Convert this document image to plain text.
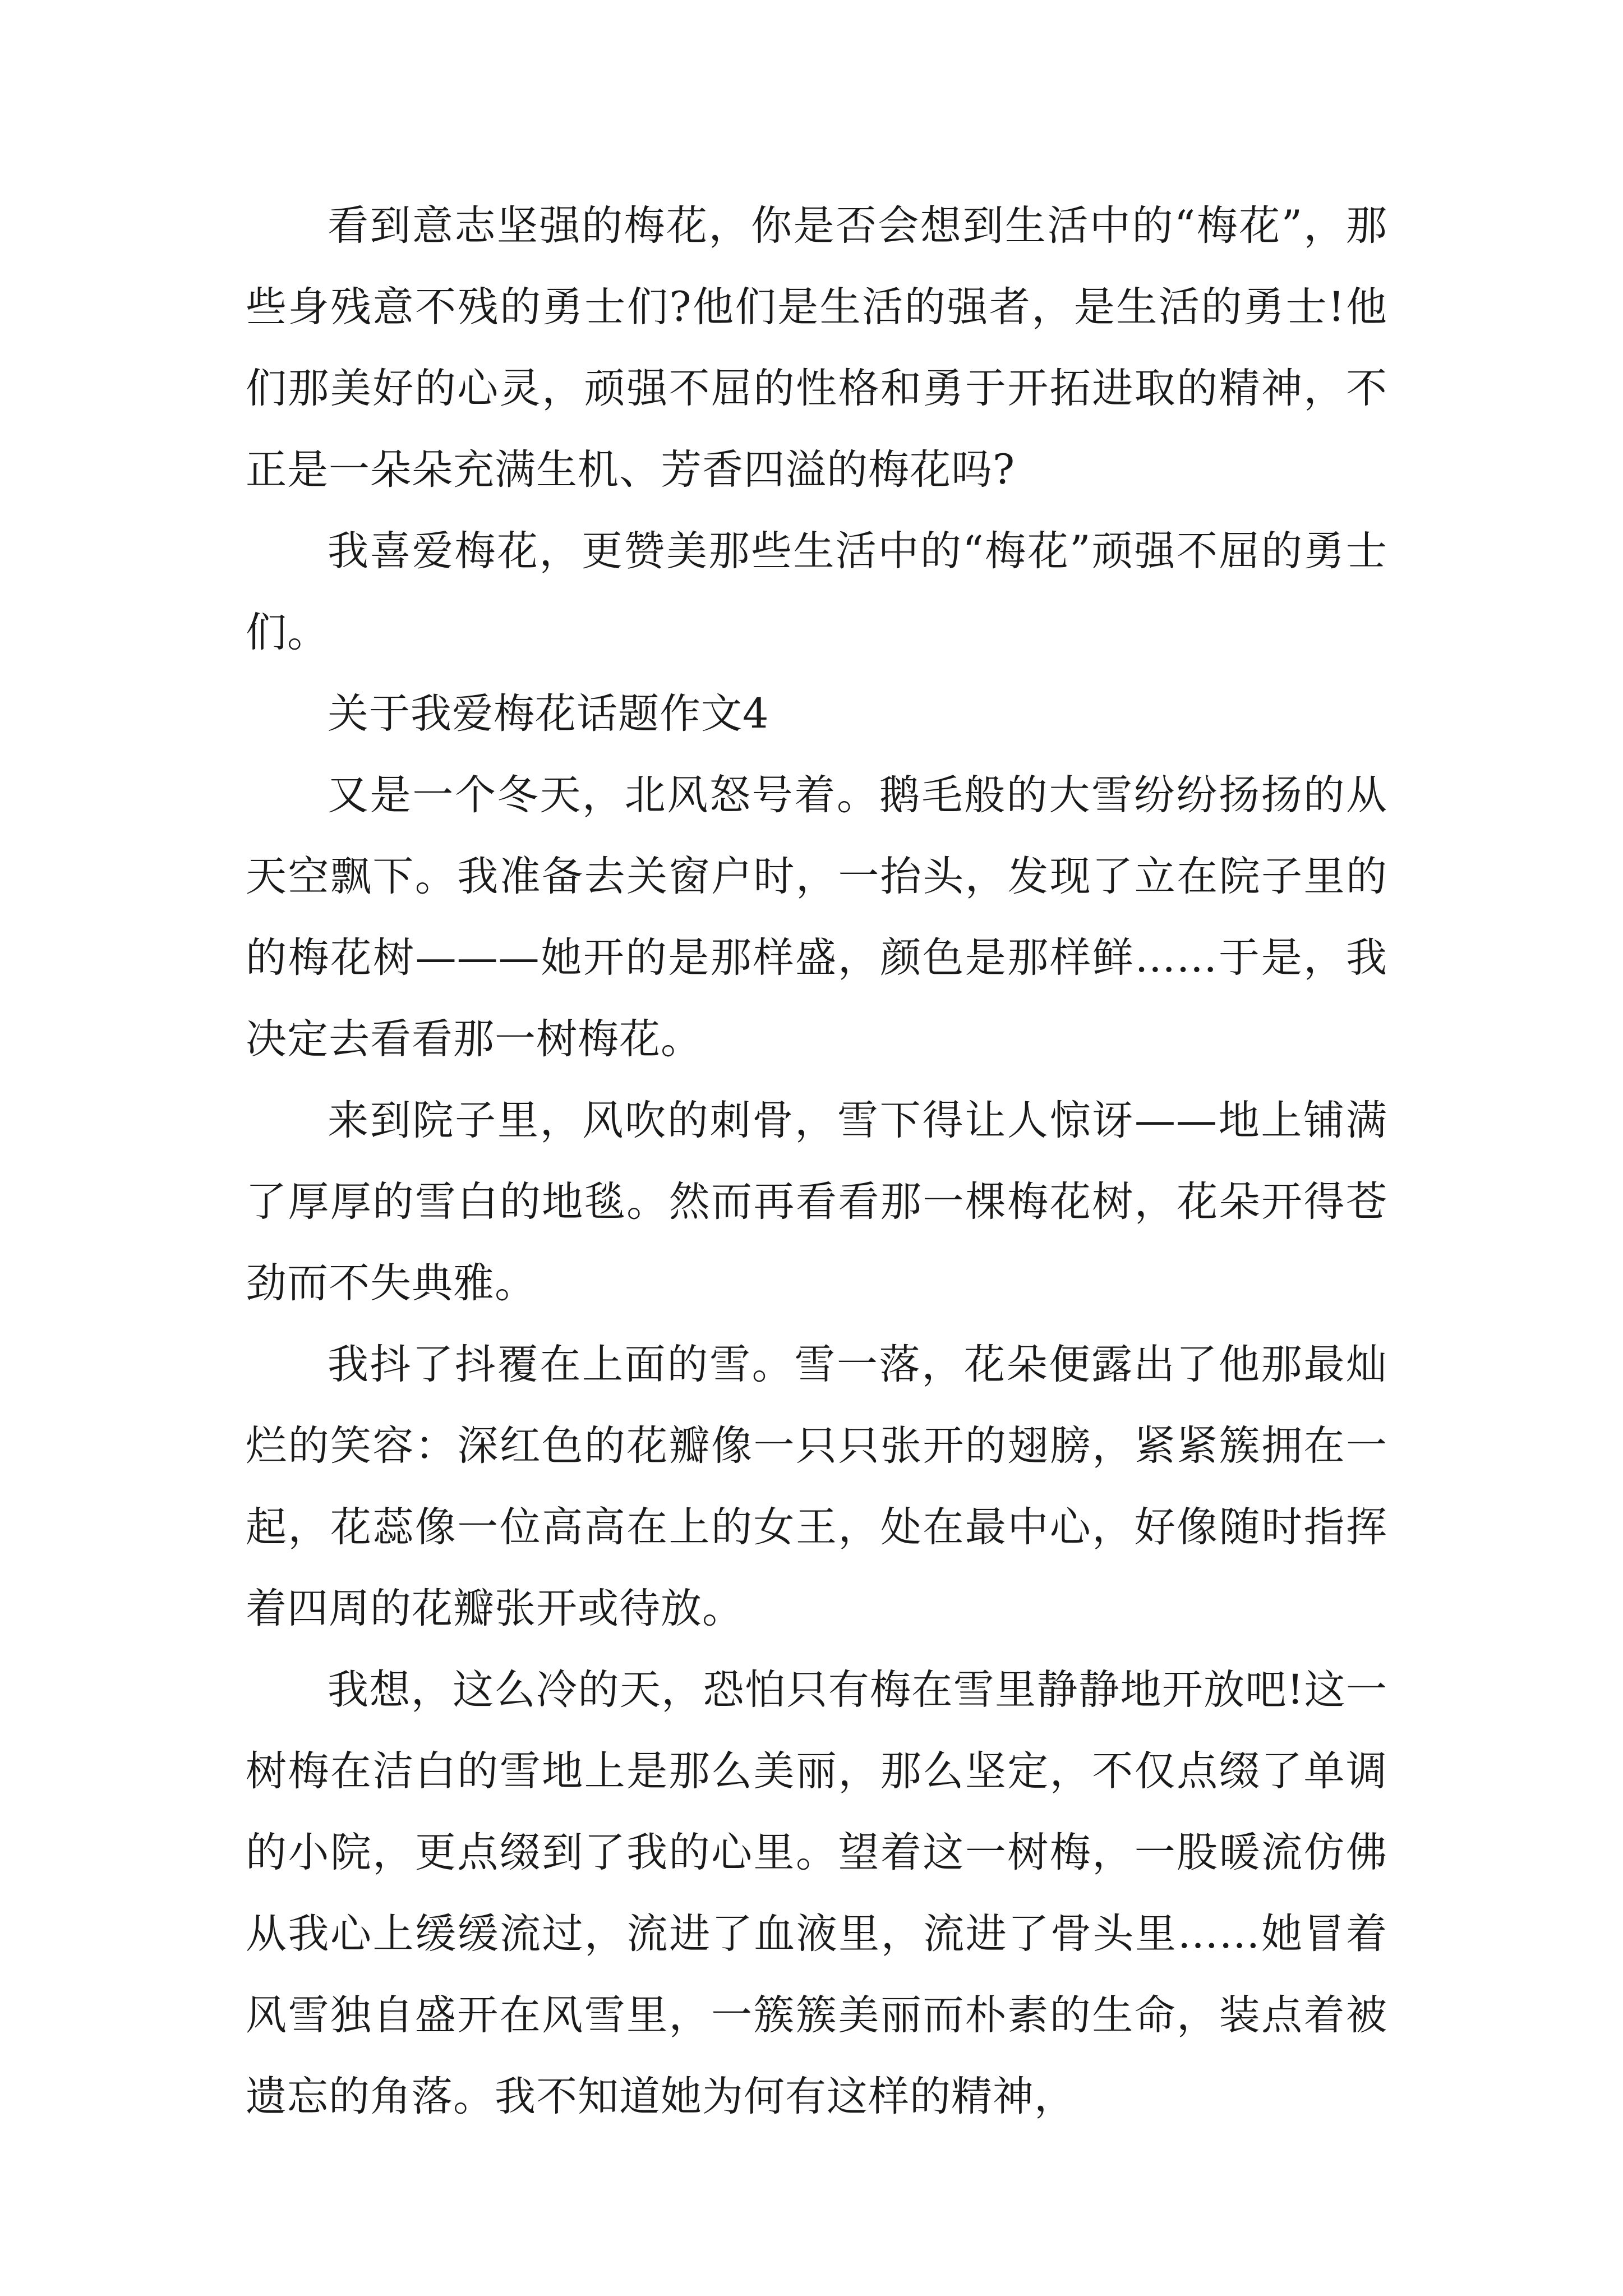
看到意志坚强的梅花，你是否会想到生活中的“梅花”，那些身残意不残的勇士们?他们是生活的强者，是生活的勇士!他们那美好的心灵，顽强不屈的性格和勇于开拓进取的精神，不正是一朵朵充满生机、芳香四溢的梅花吗?

我喜爱梅花，更赞美那些生活中的“梅花”顽强不屈的勇士们。

关于我爱梅花话题作文4

又是一个冬天，北风怒号着。鹅毛般的大雪纷纷扬扬的从天空飘下。我准备去关窗户时，一抬头，发现了立在院子里的的梅花树———她开的是那样盛，颜色是那样鲜……于是，我决定去看看那一树梅花。

来到院子里，风吹的刺骨，雪下得让人惊讶——地上铺满了厚厚的雪白的地毯。然而再看看那一棵梅花树，花朵开得苍劲而不失典雅。

我抖了抖覆在上面的雪。雪一落，花朵便露出了他那最灿烂的笑容：深红色的花瓣像一只只张开的翅膀，紧紧簇拥在一起，花蕊像一位高高在上的女王，处在最中心，好像随时指挥着四周的花瓣张开或待放。

我想，这么冷的天，恐怕只有梅在雪里静静地开放吧!这一树梅在洁白的雪地上是那么美丽，那么坚定，不仅点缀了单调的小院，更点缀到了我的心里。望着这一树梅，一股暖流仿佛从我心上缓缓流过，流进了血液里，流进了骨头里……她冒着风雪独自盛开在风雪里，一簇簇美丽而朴素的生命，装点着被遗忘的角落。我不知道她为何有这样的精神，
